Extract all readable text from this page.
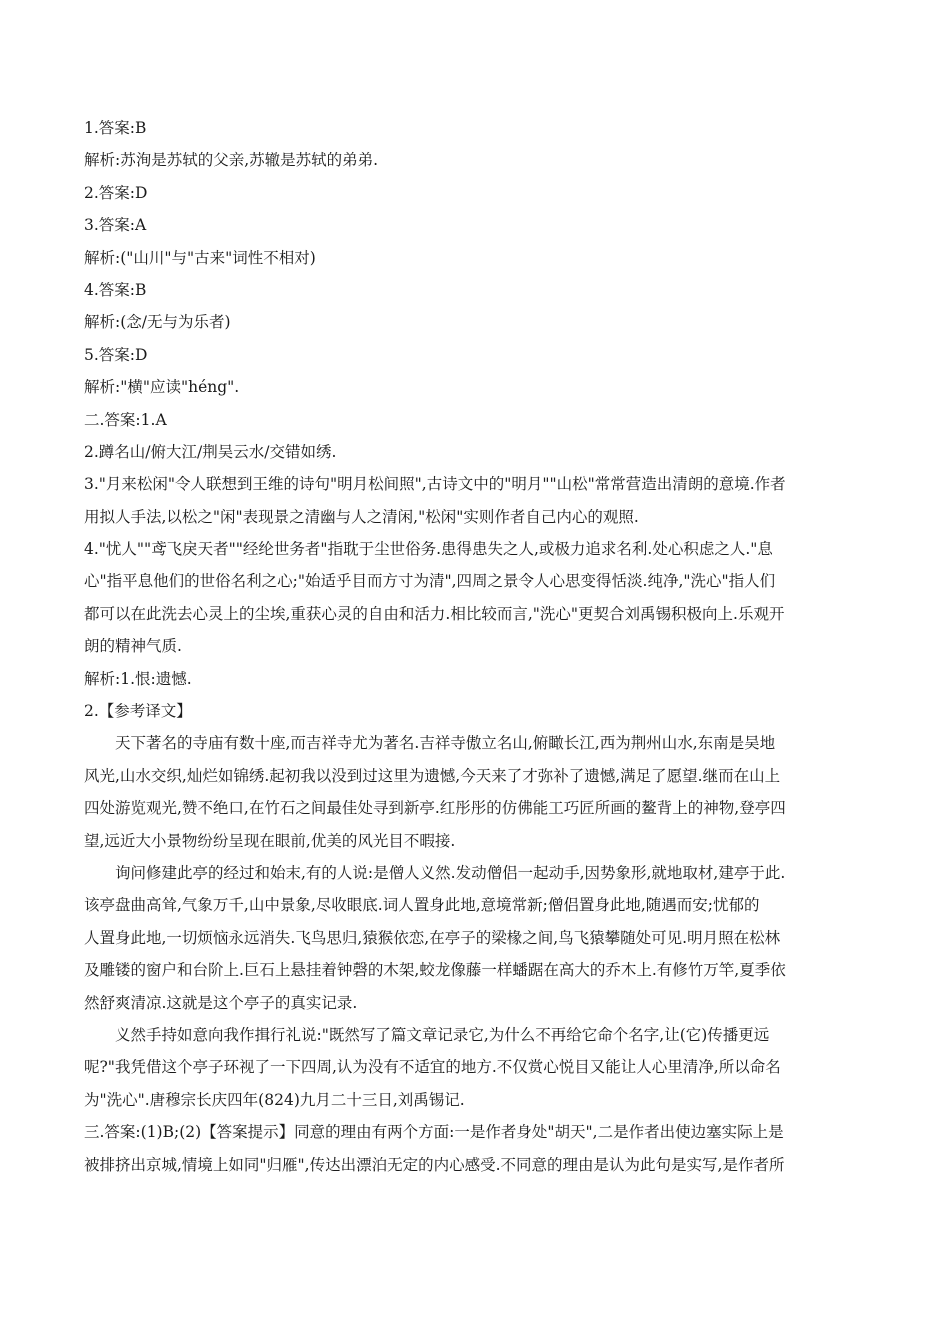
1.答案:B
解析:苏洵是苏轼的父亲,苏辙是苏轼的弟弟.
2.答案:D
3.答案:A
解析:("山川"与"古来"词性不相对)
4.答案:B
解析:(念/无与为乐者)
5.答案:D
解析:"横"应读"héng".
二.答案:1.A
2.蹲名山/俯大江/荆吴云水/交错如绣.
3."月来松闲"令人联想到王维的诗句"明月松间照",古诗文中的"明月""山松"常常营造出清朗的意境.作者
用拟人手法,以松之"闲"表现景之清幽与人之清闲,"松闲"实则作者自己内心的观照.
4."忧人""鸢飞戾天者""经纶世务者"指耽于尘世俗务.患得患失之人,或极力追求名利.处心积虑之人."息
心"指平息他们的世俗名利之心;"始适乎目而方寸为清",四周之景令人心思变得恬淡.纯净,"洗心"指人们
都可以在此洗去心灵上的尘埃,重获心灵的自由和活力.相比较而言,"洗心"更契合刘禹锡积极向上.乐观开
朗的精神气质.
解析:1.恨:遗憾.
2.【参考译文】
天下著名的寺庙有数十座,而吉祥寺尤为著名.吉祥寺傲立名山,俯瞰长江,西为荆州山水,东南是吴地
风光,山水交织,灿烂如锦绣.起初我以没到过这里为遗憾,今天来了才弥补了遗憾,满足了愿望.继而在山上
四处游览观光,赞不绝口,在竹石之间最佳处寻到新亭.红彤彤的仿佛能工巧匠所画的鳌背上的神物,登亭四
望,远近大小景物纷纷呈现在眼前,优美的风光目不暇接.
询问修建此亭的经过和始末,有的人说:是僧人义然.发动僧侣一起动手,因势象形,就地取材,建亭于此.
该亭盘曲高耸,气象万千,山中景象,尽收眼底.词人置身此地,意境常新;僧侣置身此地,随遇而安;忧郁的
人置身此地,一切烦恼永远消失.飞鸟思归,猿猴依恋,在亭子的梁椽之间,鸟飞猿攀随处可见.明月照在松林
及雕镂的窗户和台阶上.巨石上悬挂着钟磬的木架,蛟龙像藤一样蟠踞在高大的乔木上.有修竹万竿,夏季依
然舒爽清凉.这就是这个亭子的真实记录.
义然手持如意向我作揖行礼说:"既然写了篇文章记录它,为什么不再给它命个名字,让(它)传播更远
呢?"我凭借这个亭子环视了一下四周,认为没有不适宜的地方.不仅赏心悦目又能让人心里清净,所以命名
为"洗心".唐穆宗长庆四年(824)九月二十三日,刘禹锡记.
三.答案:(1)B;(2)【答案提示】同意的理由有两个方面:一是作者身处"胡天",二是作者出使边塞实际上是
被排挤出京城,情境上如同"归雁",传达出漂泊无定的内心感受.不同意的理由是认为此句是实写,是作者所
